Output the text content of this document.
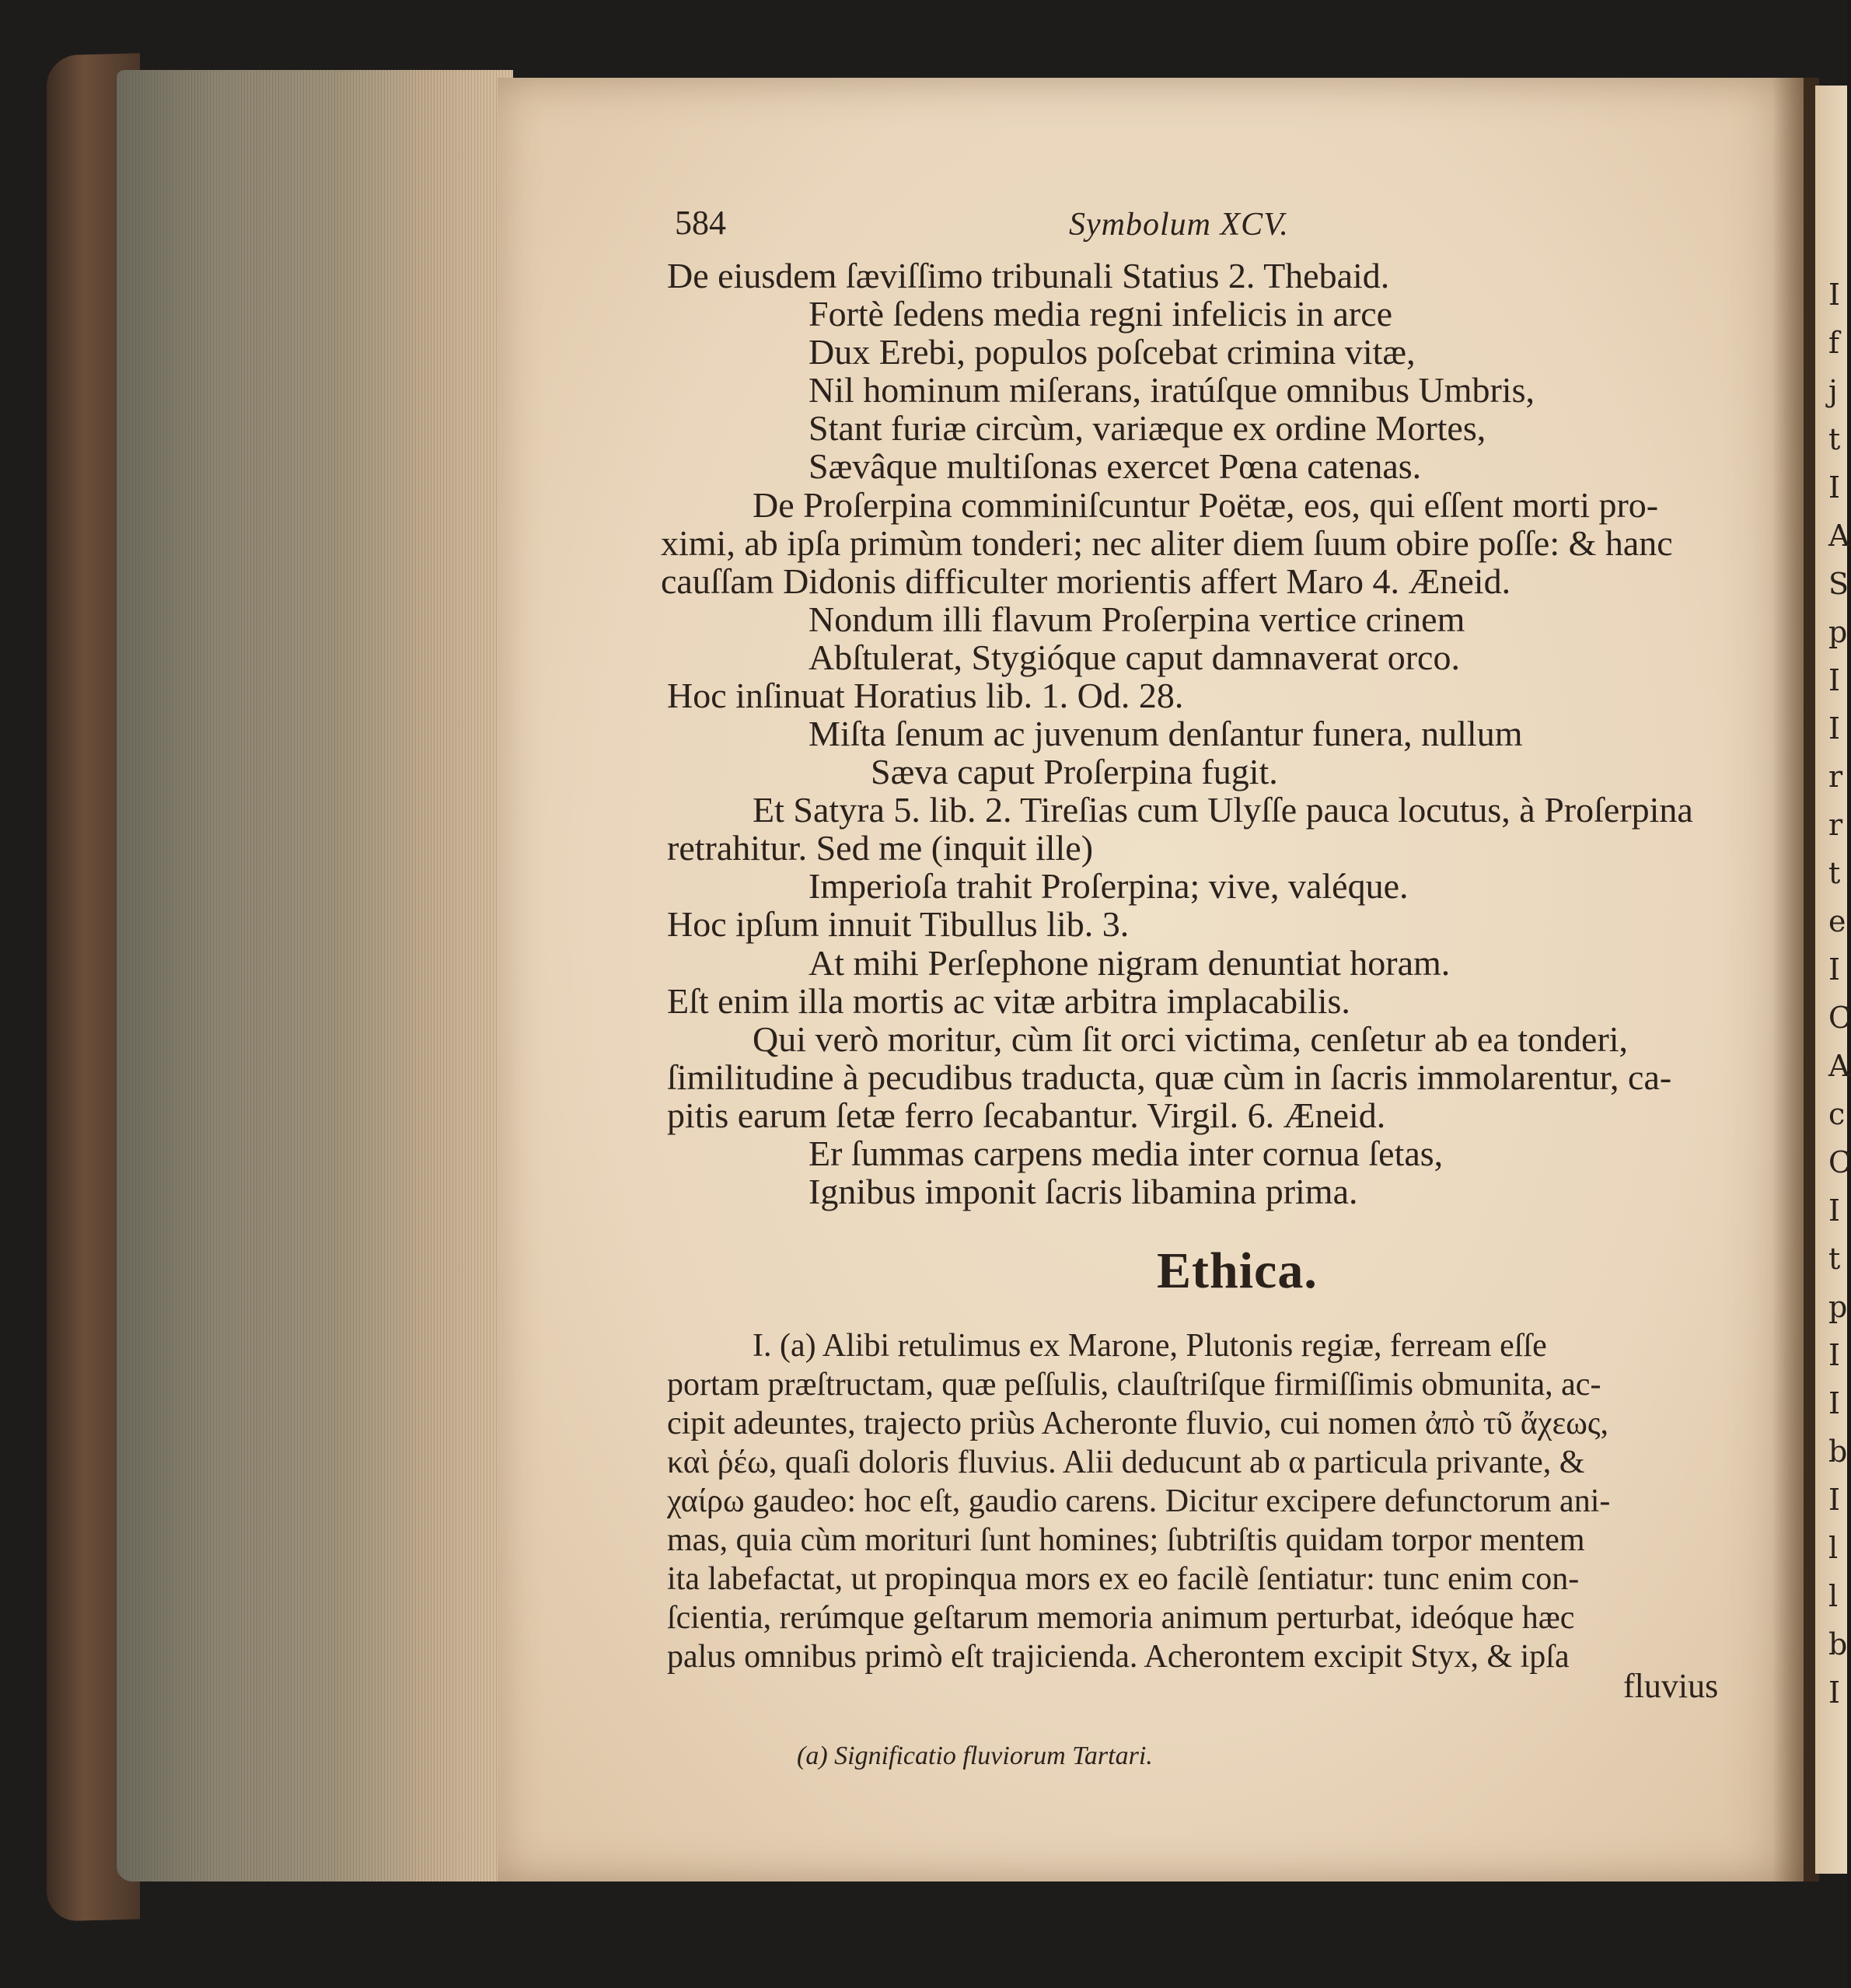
584	Symbolum XCV.
De eiusdem ſæviſſimo tribunali Statius 2. Thebaid.
Fortè ſedens media regni infelicis in arce
Dux Erebi, populos poſcebat crimina vitæ,
Nil hominum miſerans, iratúſque omnibus Umbris,
Stant furiæ circùm, variæque ex ordine Mortes,
Sævâque multiſonas exercet Pœna catenas.
De Proſerpina comminiſcuntur Poëtæ, eos, qui eſſent morti pro-
ximi, ab ipſa primùm tonderi; nec aliter diem ſuum obire poſſe: & hanc
cauſſam Didonis difficulter morientis affert Maro 4. Æneid.
Nondum illi flavum Proſerpina vertice crinem
Abſtulerat, Stygióque caput damnaverat orco.
Hoc inſinuat Horatius lib. 1. Od. 28.
Miſta ſenum ac juvenum denſantur funera, nullum
Sæva caput Proſerpina fugit.
Et Satyra 5. lib. 2. Tireſias cum Ulyſſe pauca locutus, à Proſerpina
retrahitur. Sed me (inquit ille)
Imperioſa trahit Proſerpina; vive, valéque.
Hoc ipſum innuit Tibullus lib. 3.
At mihi Perſephone nigram denuntiat horam.
Eſt enim illa mortis ac vitæ arbitra implacabilis.
Qui verò moritur, cùm ſit orci victima, cenſetur ab ea tonderi,
ſimilitudine à pecudibus traducta, quæ cùm in ſacris immolarentur, ca-
pitis earum ſetæ ferro ſecabantur. Virgil. 6. Æneid.
Er ſummas carpens media inter cornua ſetas,
Ignibus imponit ſacris libamina prima.
Ethica.
I. (a) Alibi retulimus ex Marone, Plutonis regiæ, ferream eſſe
portam præſtructam, quæ peſſulis, clauſtriſque firmiſſimis obmunita, ac-
cipit adeuntes, trajecto priùs Acheronte fluvio, cui nomen ἀπὸ τῦ ἄχεως,
καὶ ῥέω, quaſi doloris fluvius. Alii deducunt ab α particula privante, &
χαίρω gaudeo: hoc eſt, gaudio carens. Dicitur excipere defunctorum ani-
mas, quia cùm morituri ſunt homines; ſubtriſtis quidam torpor mentem
ita labefactat, ut propinqua mors ex eo facilè ſentiatur: tunc enim con-
ſcientia, rerúmque geſtarum memoria animum perturbat, ideóque hæc
palus omnibus primò eſt trajicienda. Acherontem excipit Styx, & ipſa
fluvius
(a) Significatio fluviorum Tartari.
I
f
j
t
I
A
S
p
I
I
r
r
t
e
I
C
A
c
C
I
t
p
I
I
b
I
l
l
b
I
